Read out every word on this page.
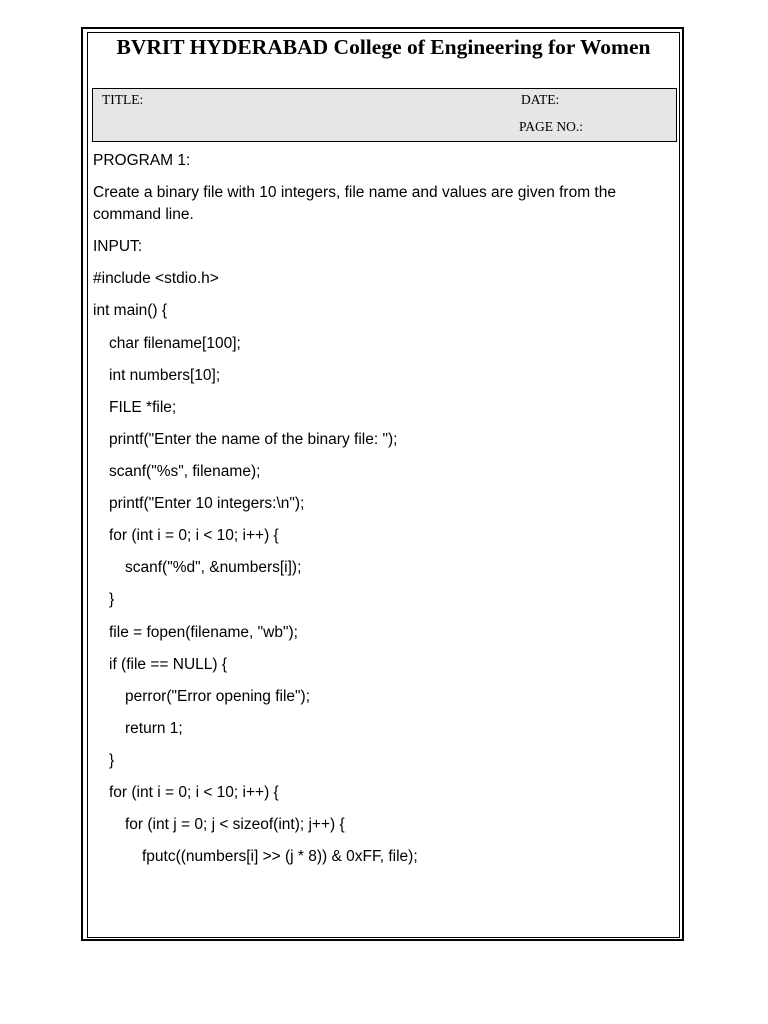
BVRIT HYDERABAD College of Engineering for Women
TITLE:	DATE:
PAGE NO.:
PROGRAM 1:
Create a binary file with 10 integers, file name and values are given from the command line.
INPUT:
#include <stdio.h>
int main() {
char filename[100];
int numbers[10];
FILE *file;
printf("Enter the name of the binary file: ");
scanf("%s", filename);
printf("Enter 10 integers:\n");
for (int i = 0; i < 10; i++) {
scanf("%d", &numbers[i]);
}
file = fopen(filename, "wb");
if (file == NULL) {
perror("Error opening file");
return 1;
}
for (int i = 0; i < 10; i++) {
for (int j = 0; j < sizeof(int); j++) {
fputc((numbers[i] >> (j * 8)) & 0xFF, file);
